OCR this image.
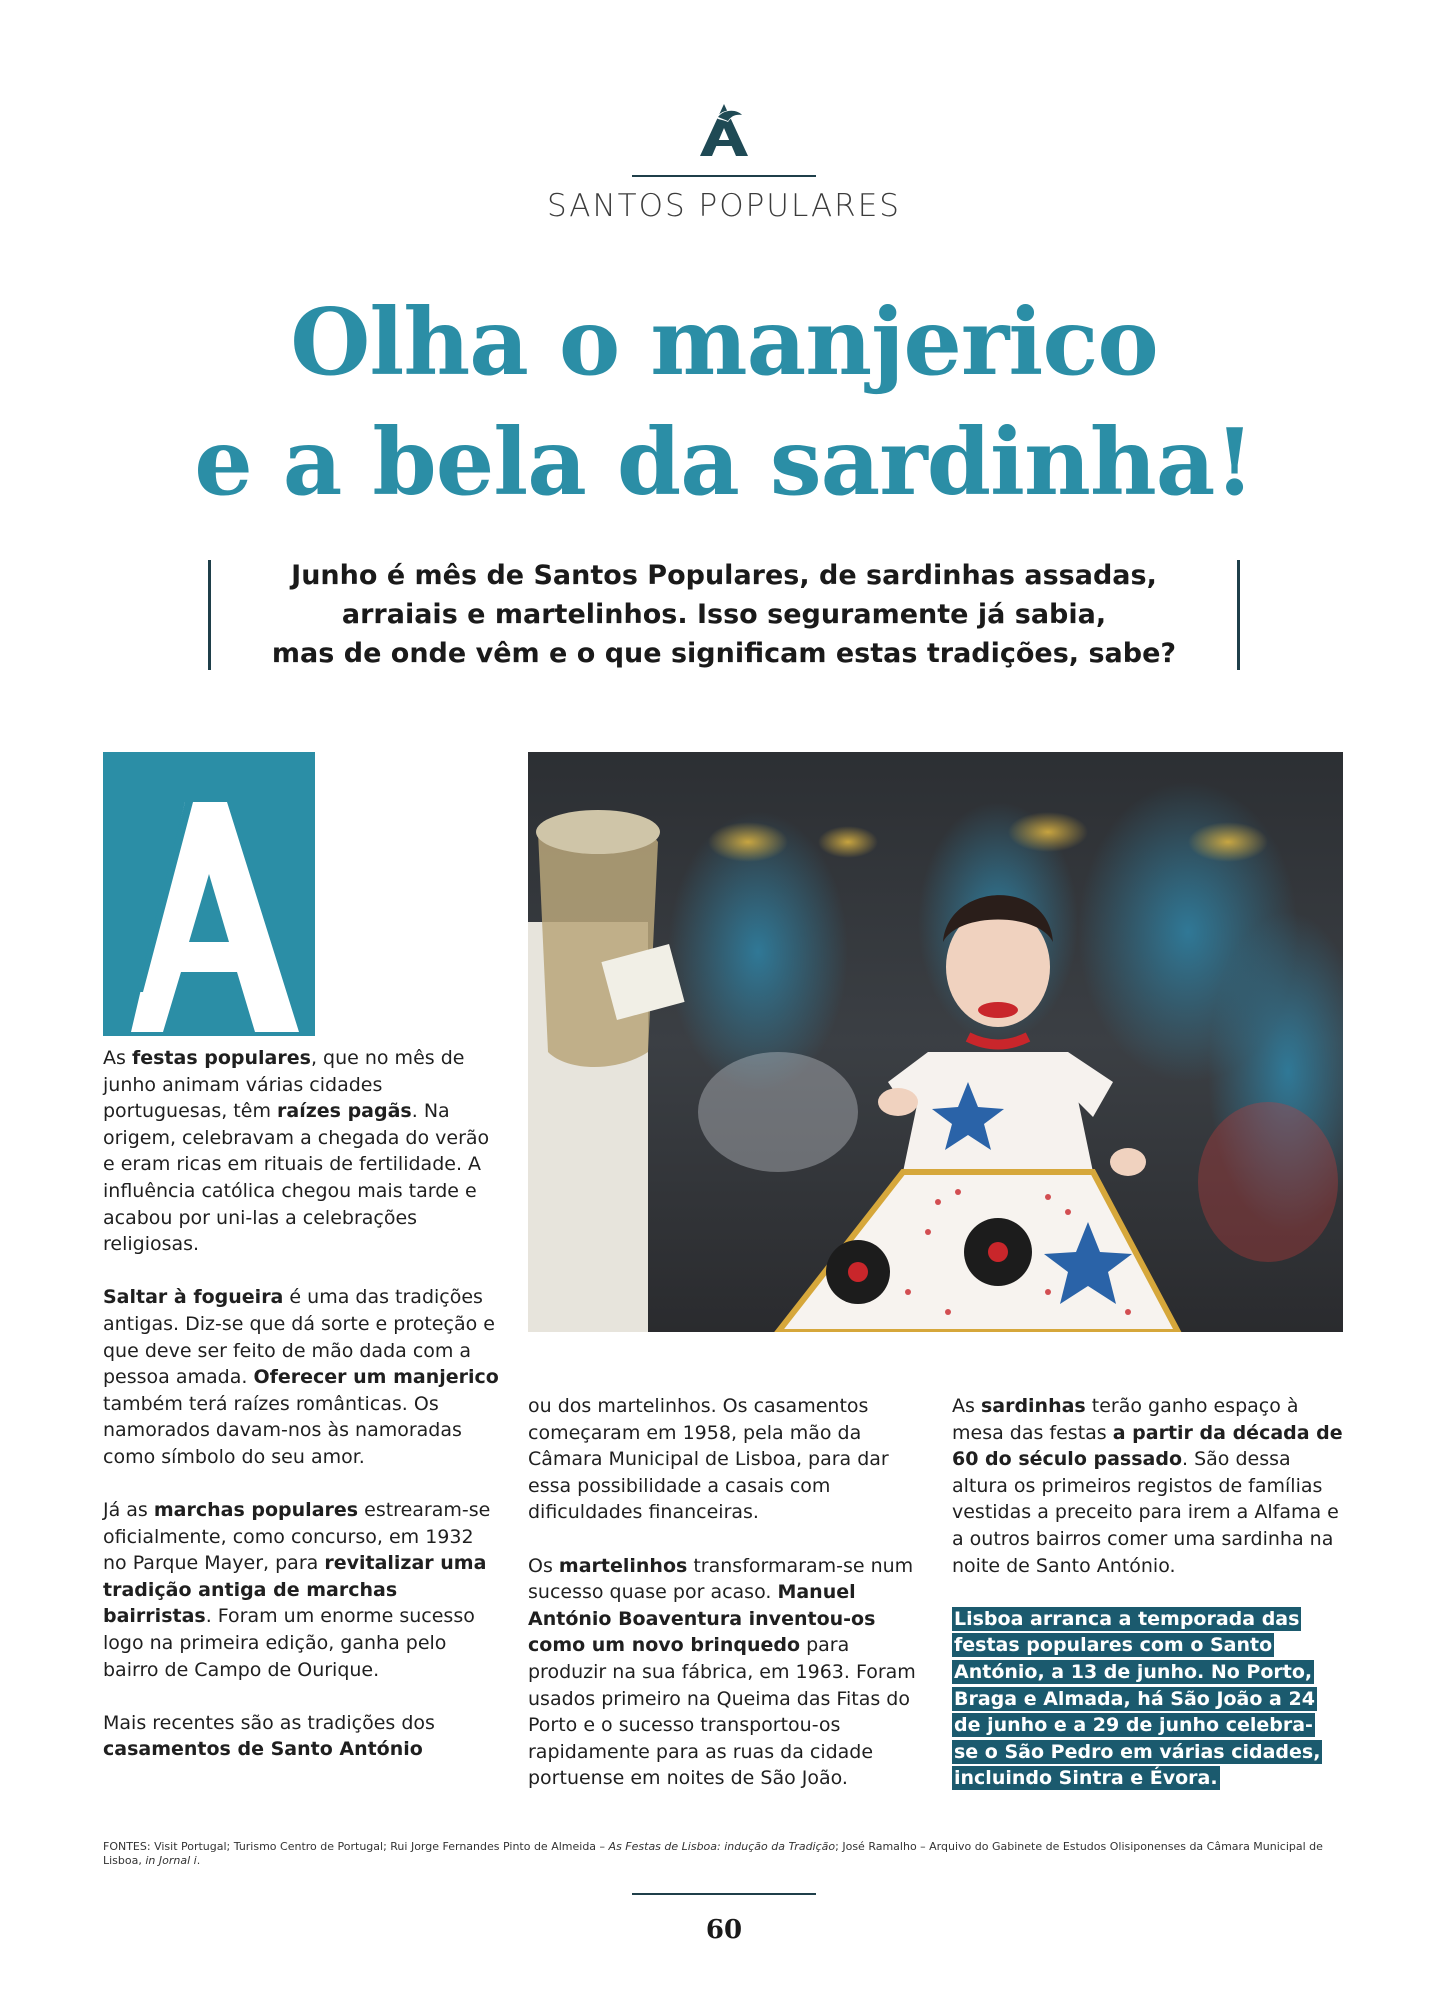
SANTOS POPULARES
Olha o manjerico
e a bela da sardinha!
Junho é mês de Santos Populares, de sardinhas assadas,
arraiais e martelinhos. Isso seguramente já sabia,
mas de onde vêm e o que significam estas tradições, sabe?

As festas populares, que no mês de junho animam várias cidades portuguesas, têm raízes pagãs. Na origem, celebravam a chegada do verão e eram ricas em rituais de fertilidade. A influência católica chegou mais tarde e acabou por uni-las a celebrações religiosas.

Saltar à fogueira é uma das tradições antigas. Diz-se que dá sorte e proteção e que deve ser feito de mão dada com a pessoa amada. Oferecer um manjerico também terá raízes românticas. Os namorados davam-nos às namoradas como símbolo do seu amor.

Já as marchas populares estrearam-se oficialmente, como concurso, em 1932 no Parque Mayer, para revitalizar uma tradição antiga de marchas bairristas. Foram um enorme sucesso logo na primeira edição, ganha pelo bairro de Campo de Ourique.

Mais recentes são as tradições dos casamentos de Santo António

ou dos martelinhos. Os casamentos começaram em 1958, pela mão da Câmara Municipal de Lisboa, para dar essa possibilidade a casais com dificuldades financeiras.

Os martelinhos transformaram-se num sucesso quase por acaso. Manuel António Boaventura inventou-os como um novo brinquedo para produzir na sua fábrica, em 1963. Foram usados primeiro na Queima das Fitas do Porto e o sucesso transportou-os rapidamente para as ruas da cidade portuense em noites de São João.

As sardinhas terão ganho espaço à mesa das festas a partir da década de 60 do século passado. São dessa altura os primeiros registos de famílias vestidas a preceito para irem a Alfama e a outros bairros comer uma sardinha na noite de Santo António.

Lisboa arranca a temporada das festas populares com o Santo António, a 13 de junho. No Porto, Braga e Almada, há São João a 24 de junho e a 29 de junho celebra-se o São Pedro em várias cidades, incluindo Sintra e Évora.
FONTES: Visit Portugal; Turismo Centro de Portugal; Rui Jorge Fernandes Pinto de Almeida – As Festas de Lisboa: indução da Tradição; José Ramalho – Arquivo do Gabinete de Estudos Olisiponenses da Câmara Municipal de Lisboa, in Jornal i.
60
